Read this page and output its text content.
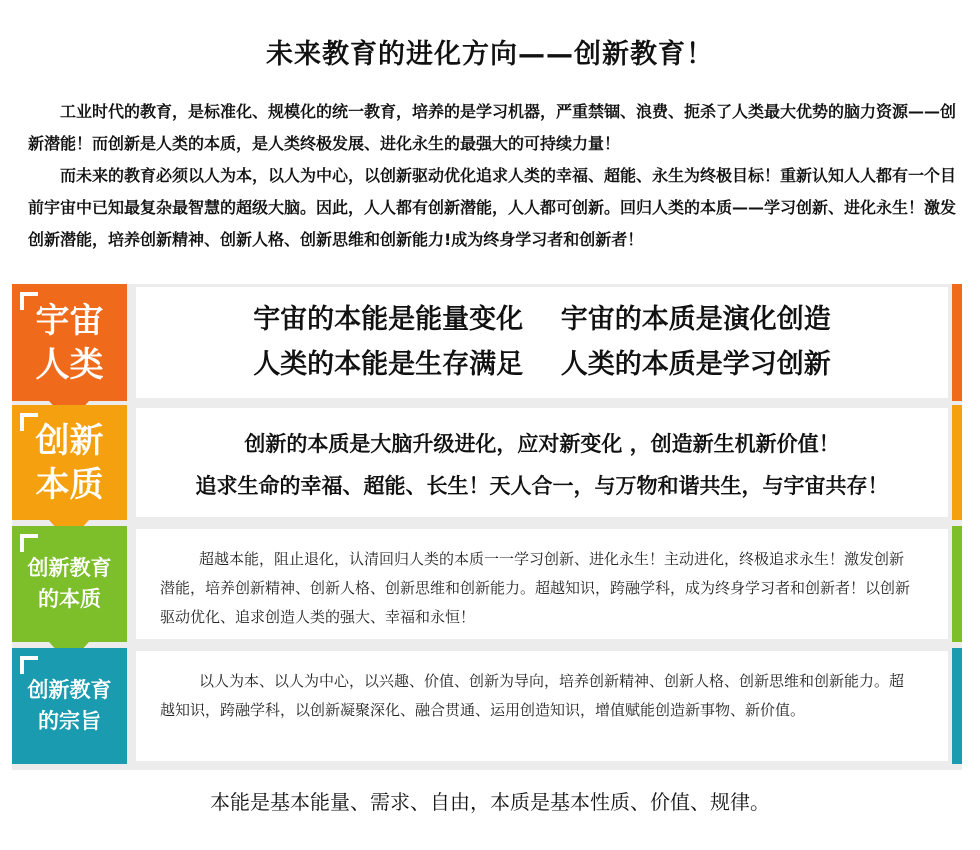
未来教育的进化方向——创新教育！

工业时代的教育，是标准化、规模化的统一教育，培养的是学习机器，严重禁锢、浪费、扼杀了人类最大优势的脑力资源——创新潜能！而创新是人类的本质，是人类终极发展、进化永生的最强大的可持续力量！

而未来的教育必须以人为本，以人为中心，以创新驱动优化追求人类的幸福、超能、永生为终极目标！重新认知人人都有一个目前宇宙中已知最复杂最智慧的超级大脑。因此，人人都有创新潜能，人人都可创新。回归人类的本质——学习创新、进化永生！激发创新潜能，培养创新精神、创新人格、创新思维和创新能力!成为终身学习者和创新者！

宇宙
人类
宇宙的本能是能量变化 宇宙的本质是演化创造
人类的本能是生存满足 人类的本质是学习创新
创新
本质
创新的本质是大脑升级进化，应对新变化 ，创造新生机新价值！
追求生命的幸福、超能、长生！天人合一，与万物和谐共生，与宇宙共存！
创新教育
的本质
超越本能，阻止退化，认清回归人类的本质一一学习创新、进化永生！主动进化，终极追求永生！激发创新潜能，培养创新精神、创新人格、创新思维和创新能力。超越知识，跨融学科，成为终身学习者和创新者！以创新驱动优化、追求创造人类的强大、幸福和永恒！
创新教育
的宗旨
以人为本、以人为中心，以兴趣、价值、创新为导向，培养创新精神、创新人格、创新思维和创新能力。超越知识，跨融学科，以创新凝聚深化、融合贯通、运用创造知识，增值赋能创造新事物、新价值。
本能是基本能量、需求、自由，本质是基本性质、价值、规律。
